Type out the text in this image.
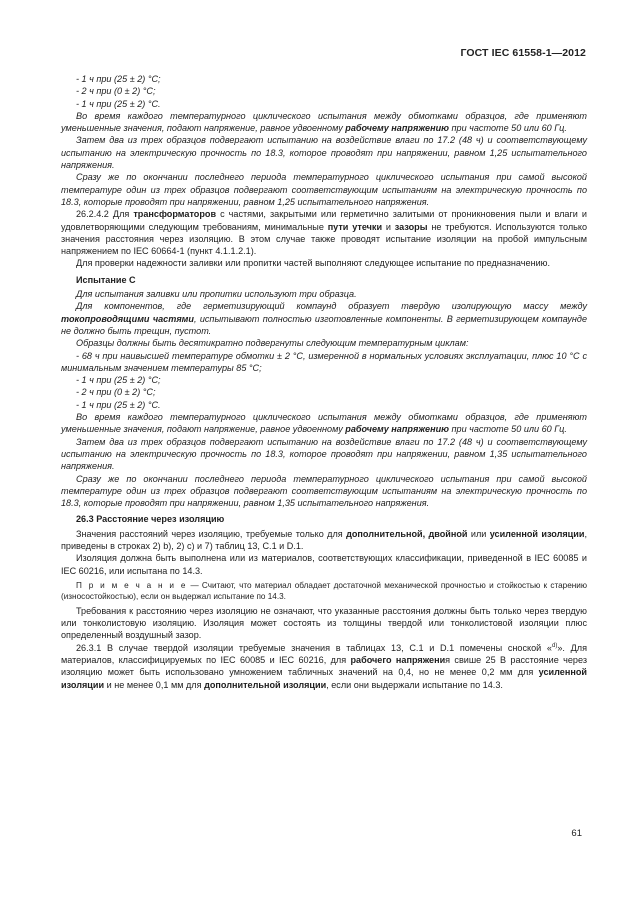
ГОСТ IEC 61558-1—2012

- 1 ч при (25 ± 2) °С;

- 2 ч при (0 ± 2) °С;

- 1 ч при (25 ± 2) °С.

Во время каждого температурного циклического испытания между обмотками образцов, где применяют уменьшенные значения, подают напряжение, равное удвоенному рабочему напряжению при частоте 50 или 60 Гц.

Затем два из трех образцов подвергают испытанию на воздействие влаги по 17.2 (48 ч) и соответствующему испытанию на электрическую прочность по 18.3, которое проводят при напряжении, равном 1,25 испытательного напряжения.

Сразу же по окончании последнего периода температурного циклического испытания при самой высокой температуре один из трех образцов подвергают соответствующим испытаниям на электрическую прочность по 18.3, которые проводят при напряжении, равном 1,25 испытательного напряжения.

26.2.4.2 Для трансформаторов с частями, закрытыми или герметично залитыми от проникновения пыли и влаги и удовлетворяющими следующим требованиям, минимальные пути утечки и зазоры не требуются. Используются только значения расстояния через изоляцию. В этом случае также проводят испытание изоляции на пробой импульсным напряжением по IEC 60664-1 (пункт 4.1.1.2.1).

Для проверки надежности заливки или пропитки частей выполняют следующее испытание по предназначению.

Испытание С

Для испытания заливки или пропитки используют три образца.

Для компонентов, где герметизирующий компаунд образует твердую изолирующую массу между токопроводящими частями, испытывают полностью изготовленные компоненты. В герметизирующем компаунде не должно быть трещин, пустот.

Образцы должны быть десятикратно подвергнуты следующим температурным циклам:

- 68 ч при наивысшей температуре обмотки ± 2 °С, измеренной в нормальных условиях эксплуатации, плюс 10 °С с минимальным значением температуры 85 °С;

- 1 ч при (25 ± 2) °С;

- 2 ч при (0 ± 2) °С;

- 1 ч при (25 ± 2) °С.

Во время каждого температурного циклического испытания между обмотками образцов, где применяют уменьшенные значения, подают напряжение, равное удвоенному рабочему напряжению при частоте 50 или 60 Гц.

Затем два из трех образцов подвергают испытанию на воздействие влаги по 17.2 (48 ч) и соответствующему испытанию на электрическую прочность по 18.3, которое проводят при напряжении, равном 1,35 испытательного напряжения.

Сразу же по окончании последнего периода температурного циклического испытания при самой высокой температуре один из трех образцов подвергают соответствующим испытаниям на электрическую прочность по 18.3, которые проводят при напряжении, равном 1,35 испытательного напряжения.

26.3 Расстояние через изоляцию

Значения расстояний через изоляцию, требуемые только для дополнительной, двойной или усиленной изоляции, приведены в строках 2) b), 2) c) и 7) таблиц 13, С.1 и D.1.

Изоляция должна быть выполнена или из материалов, соответствующих классификации, приведенной в IEC 60085 и IEC 60216, или испытана по 14.3.

П р и м е ч а н и е — Считают, что материал обладает достаточной механической прочностью и стойкостью к старению (износостойкостью), если он выдержал испытание по 14.3.

Требования к расстоянию через изоляцию не означают, что указанные расстояния должны быть только через твердую или тонколистовую изоляцию. Изоляция может состоять из толщины твердой или тонколистовой изоляции плюс определенный воздушный зазор.

26.3.1 В случае твердой изоляции требуемые значения в таблицах 13, С.1 и D.1 помечены сноской «$^{d)}$». Для материалов, классифицируемых по IEC 60085 и IEC 60216, для рабочего напряжения свише 25 В расстояние через изоляцию может быть использовано умножением табличных значений на 0,4, но не менее 0,2 мм для усиленной изоляции и не менее 0,1 мм для дополнительной изоляции, если они выдержали испытание по 14.3.

61
